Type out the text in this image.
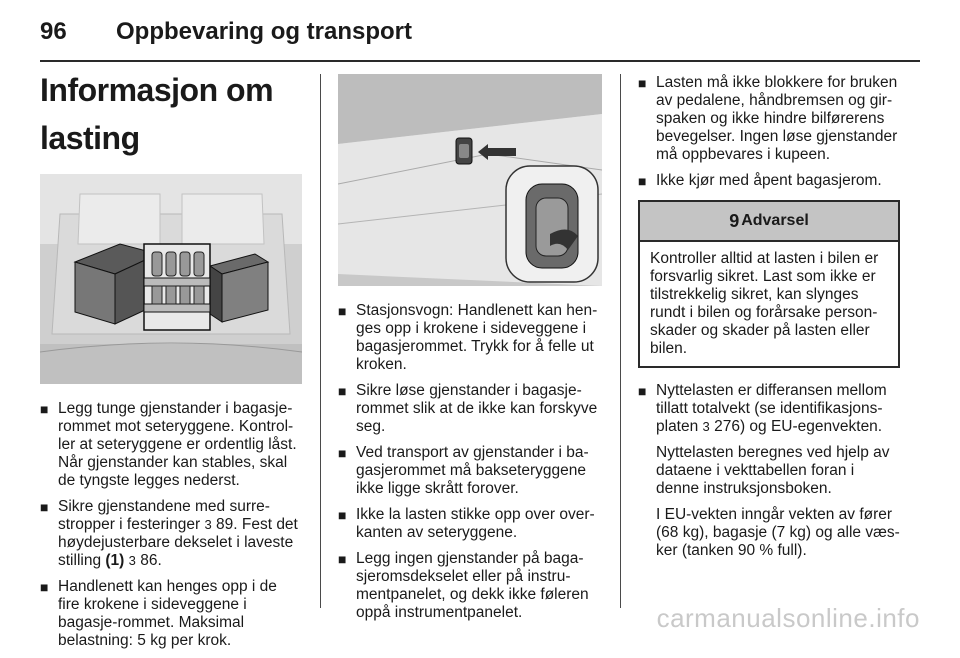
96 Oppbevaring og transport
Informasjon om lasting
■ Legg tunge gjenstander i bagasje-rommet mot seteryggene. Kontrol-ler at seteryggene er ordentlig låst. Når gjenstander kan stables, skal de tyngste legges nederst.
■ Sikre gjenstandene med surre-stropper i festeringer 3 89. Fest det høydejusterbare dekselet i laveste stilling (1) 3 86.
■ Handlenett kan henges opp i de fire krokene i sideveggene i bagasje-rommet. Maksimal belastning: 5 kg per krok.
■ Stasjonsvogn: Handlenett kan hen-ges opp i krokene i sideveggene i bagasjerommet. Trykk for å felle ut kroken.
■ Sikre løse gjenstander i bagasje-rommet slik at de ikke kan forskyve seg.
■ Ved transport av gjenstander i ba-gasjerommet må bakseteryggene ikke ligge skrått forover.
■ Ikke la lasten stikke opp over over-kanten av seteryggene.
■ Legg ingen gjenstander på baga-sjeromsdekselet eller på instru-mentpanelet, og dekk ikke føleren oppå instrumentpanelet.
■ Lasten må ikke blokkere for bruken av pedalene, håndbremsen og gir-spaken og ikke hindre bilførerens bevegelser. Ingen løse gjenstander må oppbevares i kupeen.
■ Ikke kjør med åpent bagasjerom.
9 Advarsel
Kontroller alltid at lasten i bilen er forsvarlig sikret. Last som ikke er tilstrekkelig sikret, kan slynges rundt i bilen og forårsake person-skader og skader på lasten eller bilen.
■ Nyttelasten er differansen mellom tillatt totalvekt (se identifikasjons-platen 3 276) og EU-egenvekten.

Nyttelasten beregnes ved hjelp av dataene i vekttabellen foran i denne instruksjonsboken.

I EU-vekten inngår vekten av fører (68 kg), bagasje (7 kg) og alle væs-ker (tanken 90 % full).

carmanualsonline.info
